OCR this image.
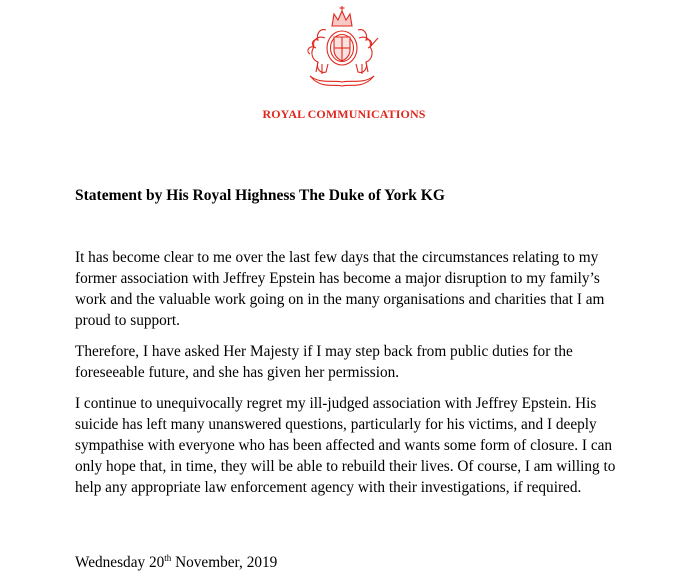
ROYAL COMMUNICATIONS
Statement by His Royal Highness The Duke of York KG

It has become clear to me over the last few days that the circumstances relating to my former association with Jeffrey Epstein has become a major disruption to my family’s work and the valuable work going on in the many organisations and charities that I am proud to support.

Therefore, I have asked Her Majesty if I may step back from public duties for the foreseeable future, and she has given her permission.

I continue to unequivocally regret my ill-judged association with Jeffrey Epstein. His suicide has left many unanswered questions, particularly for his victims, and I deeply sympathise with everyone who has been affected and wants some form of closure. I can only hope that, in time, they will be able to rebuild their lives. Of course, I am willing to help any appropriate law enforcement agency with their investigations, if required.

Wednesday 20th November, 2019
